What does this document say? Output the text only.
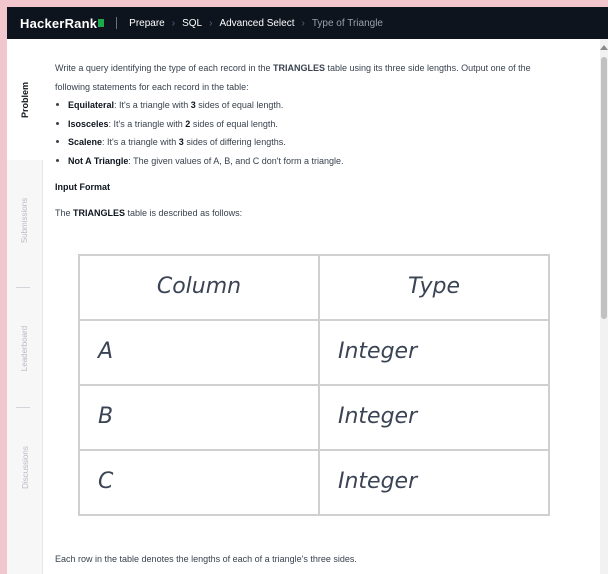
HackerRank	Prepare › SQL › Advanced Select › Type of Triangle
Problem
Submissions
Leaderboard
Discussions

Write a query identifying the type of each record in the TRIANGLES table using its three side lengths. Output one of the following statements for each record in the table:

Equilateral: It's a triangle with 3 sides of equal length.
Isosceles: It's a triangle with 2 sides of equal length.
Scalene: It's a triangle with 3 sides of differing lengths.
Not A Triangle: The given values of A, B, and C don't form a triangle.
Input Format

The TRIANGLES table is described as follows:

Column	Type
A	Integer
B	Integer
C	Integer

Each row in the table denotes the lengths of each of a triangle's three sides.
